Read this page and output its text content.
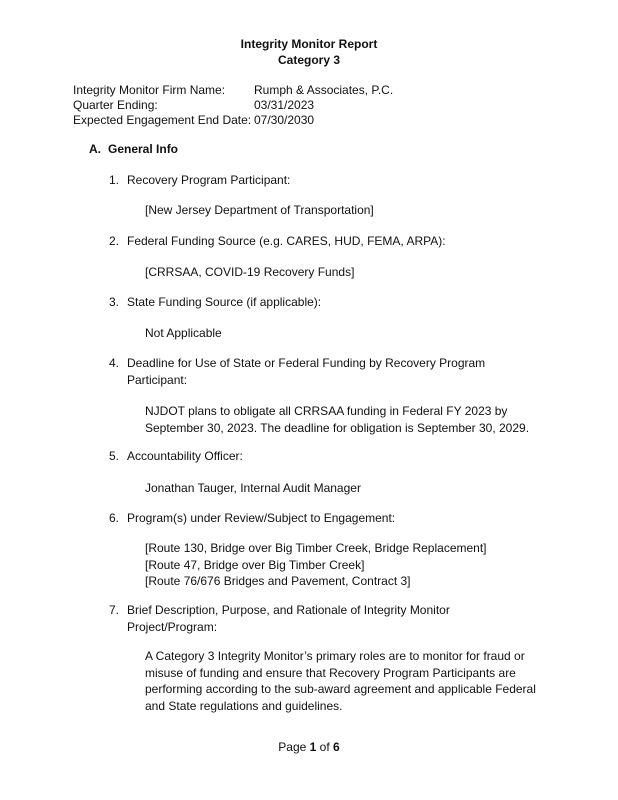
Integrity Monitor Report
Category 3
Integrity Monitor Firm Name: Rumph & Associates, P.C.
Quarter Ending:	03/31/2023
Expected Engagement End Date: 07/30/2030
A. General Info
1. Recovery Program Participant:
[New Jersey Department of Transportation]
2. Federal Funding Source (e.g. CARES, HUD, FEMA, ARPA):
[CRRSAA, COVID-19 Recovery Funds]
3. State Funding Source (if applicable):
Not Applicable
4. Deadline for Use of State or Federal Funding by Recovery Program Participant:
NJDOT plans to obligate all CRRSAA funding in Federal FY 2023 by
September 30, 2023. The deadline for obligation is September 30, 2029.
5. Accountability Officer:
Jonathan Tauger, Internal Audit Manager
6. Program(s) under Review/Subject to Engagement:
[Route 130, Bridge over Big Timber Creek, Bridge Replacement]
[Route 47, Bridge over Big Timber Creek]
[Route 76/676 Bridges and Pavement, Contract 3]
7. Brief Description, Purpose, and Rationale of Integrity Monitor Project/Program:
A Category 3 Integrity Monitor’s primary roles are to monitor for fraud or
misuse of funding and ensure that Recovery Program Participants are
performing according to the sub-award agreement and applicable Federal
and State regulations and guidelines.
Page 1 of 6
